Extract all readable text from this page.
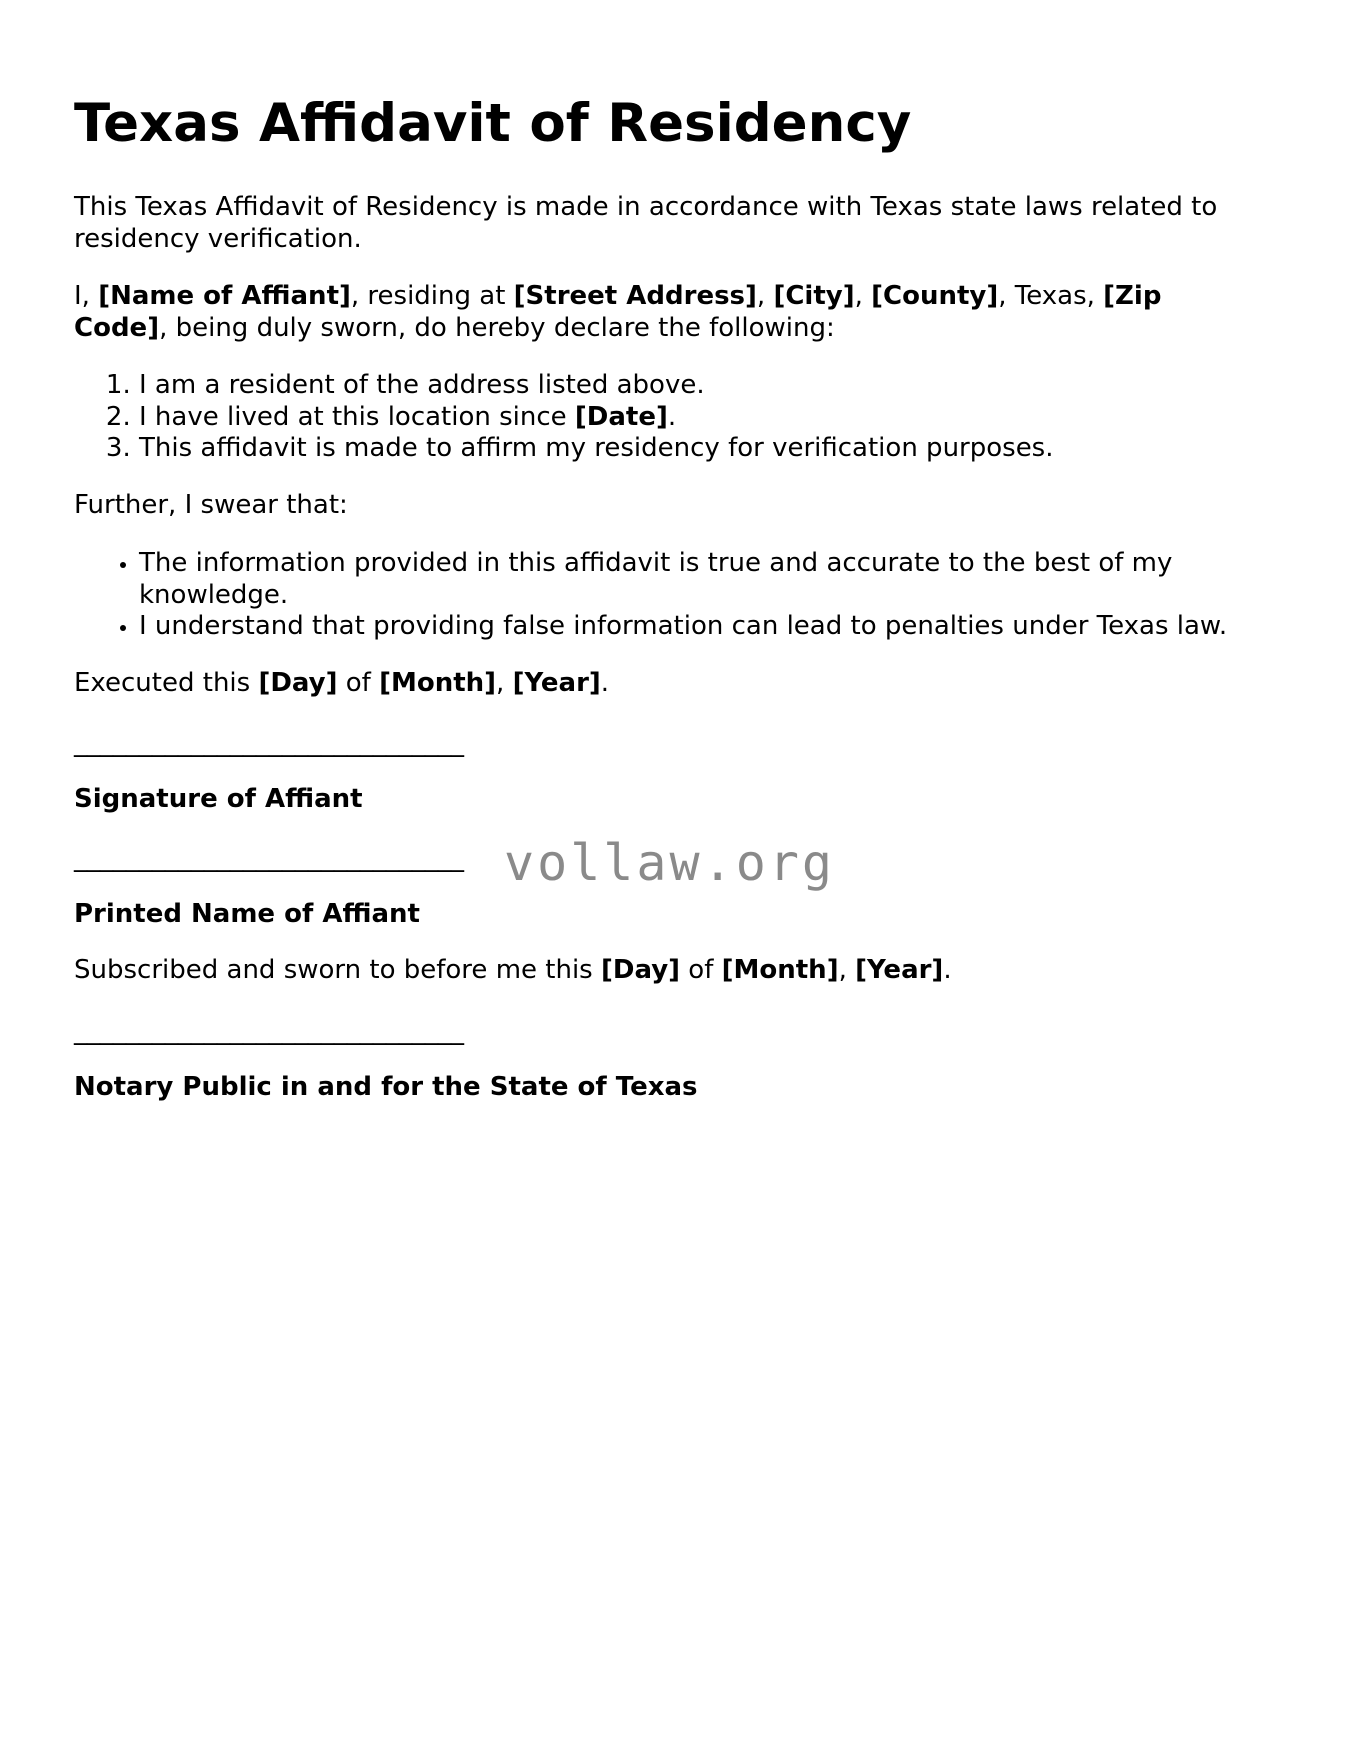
Texas Affidavit of Residency

This Texas Affidavit of Residency is made in accordance with Texas state laws related to residency verification.

I, [Name of Affiant], residing at [Street Address], [City], [County], Texas, [Zip Code], being duly sworn, do hereby declare the following:

1. I am a resident of the address listed above.
2. I have lived at this location since [Date].
3. This affidavit is made to affirm my residency for verification purposes.

Further, I swear that:

• The information provided in this affidavit is true and accurate to the best of my knowledge.
• I understand that providing false information can lead to penalties under Texas law.

Executed this [Day] of [Month], [Year].

______________________________
Signature of Affiant
______________________________
Printed Name of Affiant

Subscribed and sworn to before me this [Day] of [Month], [Year].

______________________________
Notary Public in and for the State of Texas
vollaw.org
